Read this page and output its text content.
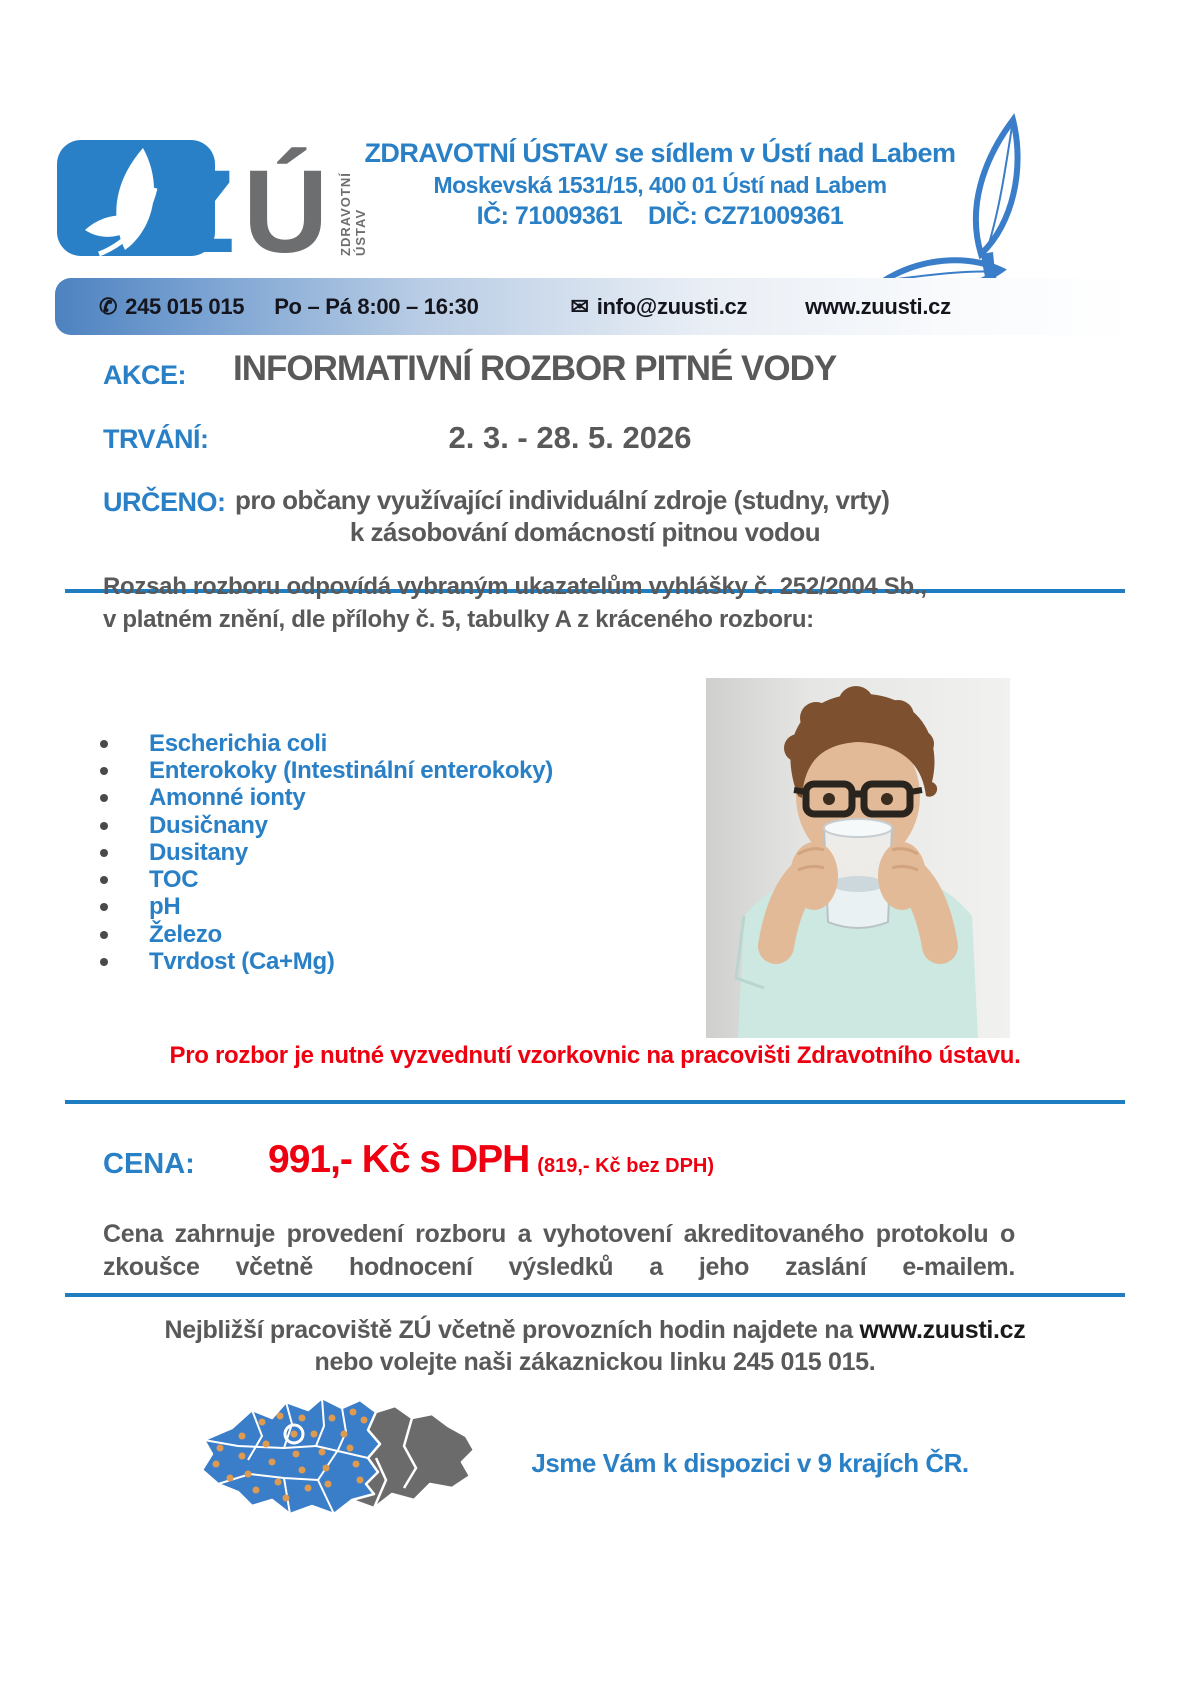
Z Ú ZDRAVOTNÍ ÚSTAV
ZDRAVOTNÍ ÚSTAV se sídlem v Ústí nad Labem
Moskevská 1531/15, 400 01 Ústí nad Labem
IČ: 71009361    DIČ: CZ71009361
✆ 245 015 015 Po – Pá 8:00 – 16:30	✉ info@zuusti.cz	www.zuusti.cz
AKCE: INFORMATIVNÍ ROZBOR PITNÉ VODY
TRVÁNÍ:	2. 3. - 28. 5. 2026
URČENO: pro občany využívající individuální zdroje (studny, vrty)
k zásobování domácností pitnou vodou
Rozsah rozboru odpovídá vybraným ukazatelům vyhlášky č. 252/2004 Sb.,
v platném znění, dle přílohy č. 5, tabulky A z kráceného rozboru:
Escherichia coli
Enterokoky (Intestinální enterokoky)
Amonné ionty
Dusičnany
Dusitany
TOC
pH
Železo
Tvrdost (Ca+Mg)
Pro rozbor je nutné vyzvednutí vzorkovnic na pracovišti Zdravotního ústavu.
CENA: 991,- Kč s DPH (819,- Kč bez DPH)
Cena zahrnuje provedení rozboru a vyhotovení akreditovaného protokolu o zkoušce včetně hodnocení výsledků a jeho zaslání e-mailem.
Nejbližší pracoviště ZÚ včetně provozních hodin najdete na www.zuusti.cz
nebo volejte naši zákaznickou linku 245 015 015.
Jsme Vám k dispozici v 9 krajích ČR.
